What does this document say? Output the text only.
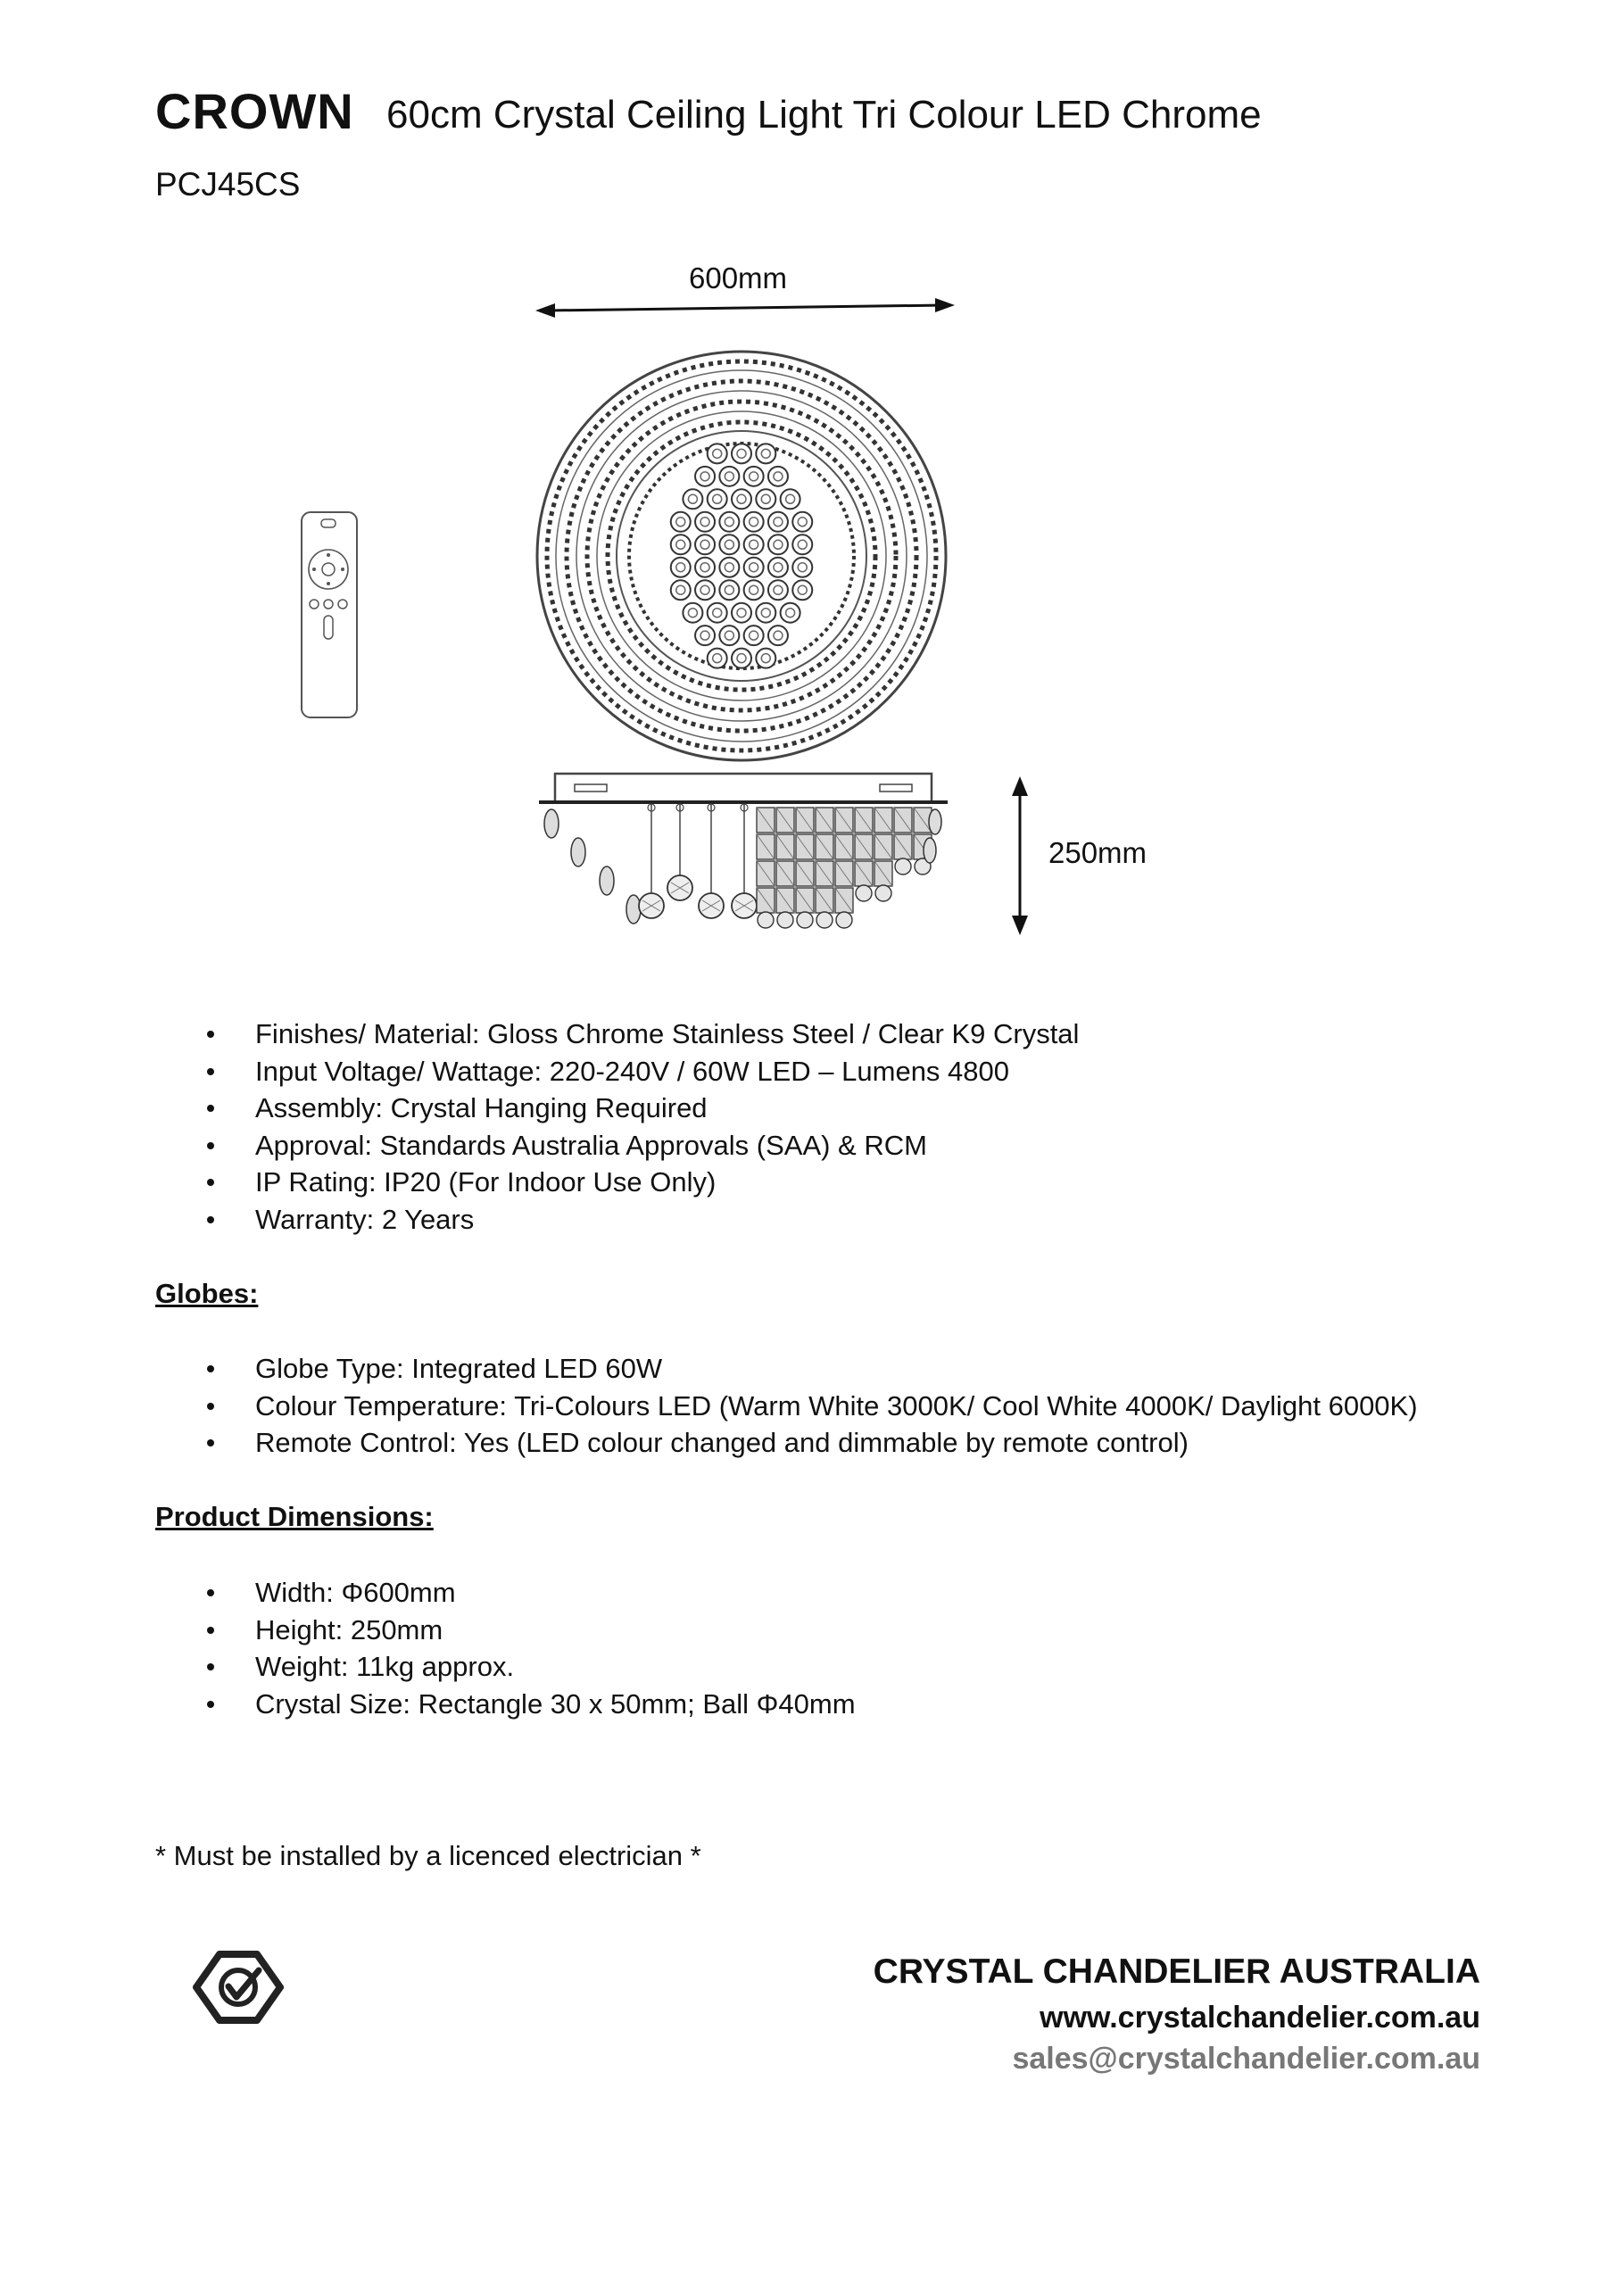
CROWN 60cm Crystal Ceiling Light Tri Colour LED Chrome
PCJ45CS
600mm
250mm
Finishes/ Material: Gloss Chrome Stainless Steel / Clear K9 Crystal
Input Voltage/ Wattage: 220-240V / 60W LED – Lumens 4800
Assembly: Crystal Hanging Required
Approval: Standards Australia Approvals (SAA) & RCM
IP Rating: IP20 (For Indoor Use Only)
Warranty: 2 Years
Globes:
Globe Type: Integrated LED 60W
Colour Temperature: Tri-Colours LED (Warm White 3000K/ Cool White 4000K/ Daylight 6000K)
Remote Control: Yes (LED colour changed and dimmable by remote control)
Product Dimensions:
Width: Φ600mm
Height: 250mm
Weight: 11kg approx.
Crystal Size: Rectangle 30 x 50mm; Ball Φ40mm
* Must be installed by a licenced electrician *
CRYSTAL CHANDELIER AUSTRALIA
www.crystalchandelier.com.au
sales@crystalchandelier.com.au
